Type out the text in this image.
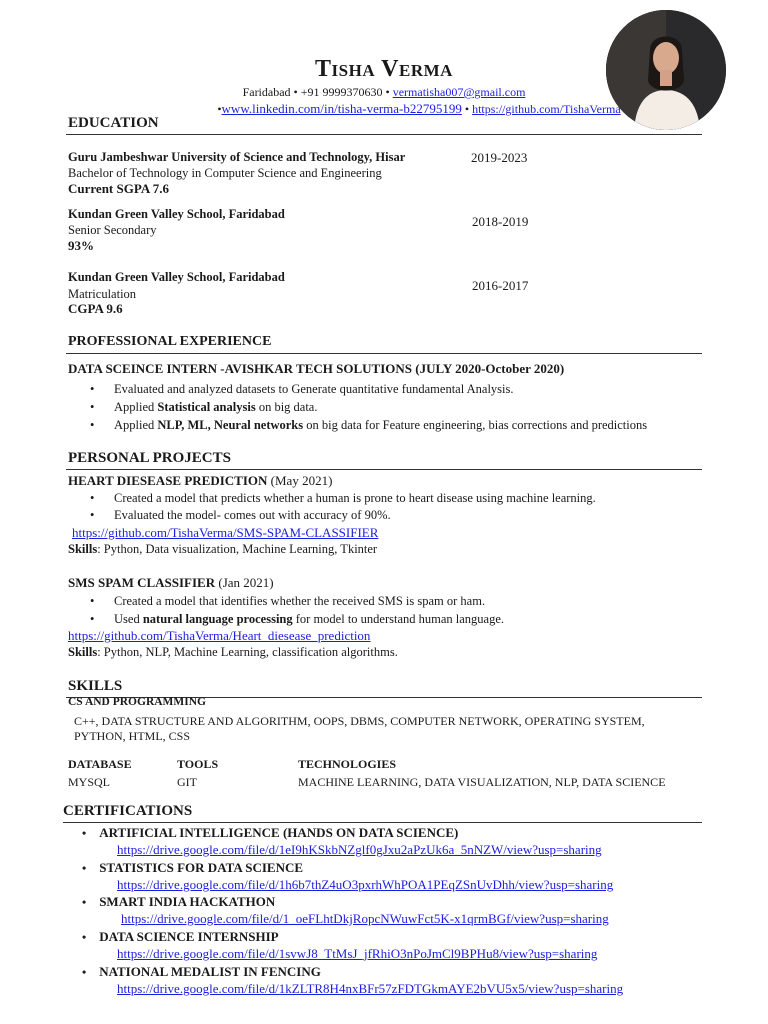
Tisha Verma
Faridabad • +91 9999370630 • vermatisha007@gmail.com
•www.linkedin.com/in/tisha-verma-b22795199 • https://github.com/TishaVerma
EDUCATION
Guru Jambeshwar University of Science and Technology, Hisar	2019-2023
Bachelor of Technology in Computer Science and Engineering
Current SGPA 7.6
Kundan Green Valley School, Faridabad	2018-2019
Senior Secondary
93%
Kundan Green Valley School, Faridabad
2016-2017
Matriculation
CGPA 9.6
PROFESSIONAL EXPERIENCE
DATA SCEINCE INTERN -AVISHKAR TECH SOLUTIONS (JULY 2020-October 2020)
• Evaluated and analyzed datasets to Generate quantitative fundamental Analysis.
• Applied Statistical analysis on big data.
• Applied NLP, ML, Neural networks on big data for Feature engineering, bias corrections and predictions
PERSONAL PROJECTS
HEART DIESEASE PREDICTION (May 2021)
• Created a model that predicts whether a human is prone to heart disease using machine learning.
• Evaluated the model- comes out with accuracy of 90%.
https://github.com/TishaVerma/SMS-SPAM-CLASSIFIER
Skills: Python, Data visualization, Machine Learning, Tkinter
SMS SPAM CLASSIFIER (Jan 2021)
• Created a model that identifies whether the received SMS is spam or ham.
• Used natural language processing for model to understand human language.
https://github.com/TishaVerma/Heart_diesease_prediction
Skills: Python, NLP, Machine Learning, classification algorithms.
SKILLS
CS AND PROGRAMMING
C++, DATA STRUCTURE AND ALGORITHM, OOPS, DBMS, COMPUTER NETWORK, OPERATING SYSTEM,
PYTHON, HTML, CSS
DATABASE
MYSQL
TOOLS
GIT
TECHNOLOGIES
MACHINE LEARNING, DATA VISUALIZATION, NLP, DATA SCIENCE
CERTIFICATIONS
• ARTIFICIAL INTELLIGENCE (HANDS ON DATA SCIENCE)
https://drive.google.com/file/d/1eI9hKSkbNZglf0gJxu2aPzUk6a_5nNZW/view?usp=sharing
• STATISTICS FOR DATA SCIENCE
https://drive.google.com/file/d/1h6b7thZ4uO3pxrhWhPOA1PEqZSnUvDhh/view?usp=sharing
• SMART INDIA HACKATHON
https://drive.google.com/file/d/1_oeFLhtDkjRopcNWuwFct5K-x1qrmBGf/view?usp=sharing
• DATA SCIENCE INTERNSHIP
https://drive.google.com/file/d/1svwJ8_TtMsJ_jfRhiO3nPoJmCl9BPHu8/view?usp=sharing
• NATIONAL MEDALIST IN FENCING
https://drive.google.com/file/d/1kZLTR8H4nxBFr57zFDTGkmAYE2bVU5x5/view?usp=sharing
